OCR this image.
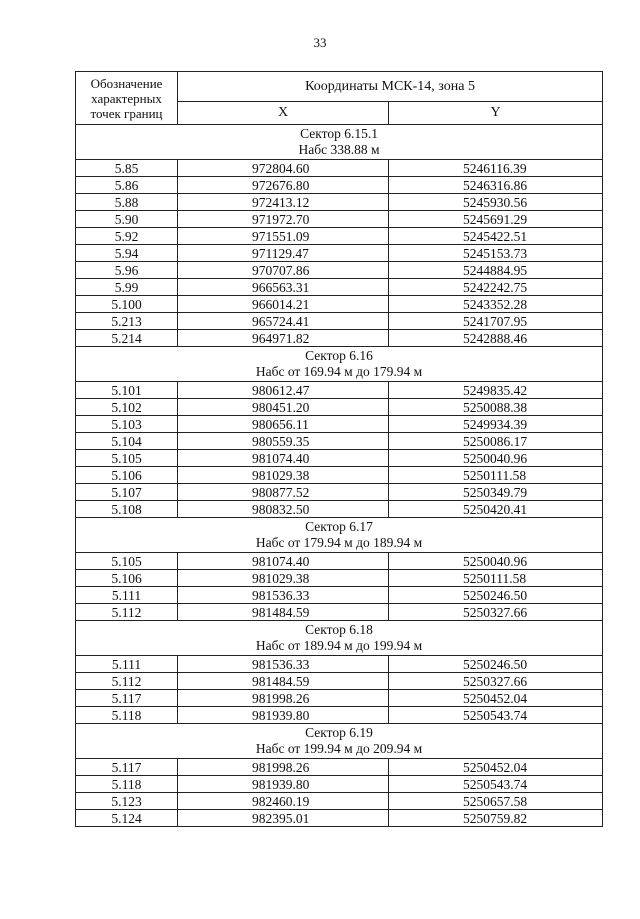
33
Обозначение характерных точек границ	Координаты МСК-14, зона 5	
	X	Y

Сектор 6.15.1
Набс 338.88 м		

5.85	972804.60	5246116.39
5.86	972676.80	5246316.86
5.88	972413.12	5245930.56
5.90	971972.70	5245691.29
5.92	971551.09	5245422.51
5.94	971129.47	5245153.73
5.96	970707.86	5244884.95
5.99	966563.31	5242242.75
5.100	966014.21	5243352.28
5.213	965724.41	5241707.95
5.214	964971.82	5242888.46

Сектор 6.16
Набс от 169.94 м до 179.94 м		

5.101	980612.47	5249835.42
5.102	980451.20	5250088.38
5.103	980656.11	5249934.39
5.104	980559.35	5250086.17
5.105	981074.40	5250040.96
5.106	981029.38	5250111.58
5.107	980877.52	5250349.79
5.108	980832.50	5250420.41

Сектор 6.17
Набс от 179.94 м до 189.94 м		

5.105	981074.40	5250040.96
5.106	981029.38	5250111.58
5.111	981536.33	5250246.50
5.112	981484.59	5250327.66

Сектор 6.18
Набс от 189.94 м до 199.94 м		

5.111	981536.33	5250246.50
5.112	981484.59	5250327.66
5.117	981998.26	5250452.04
5.118	981939.80	5250543.74

Сектор 6.19
Набс от 199.94 м до 209.94 м		

5.117	981998.26	5250452.04
5.118	981939.80	5250543.74
5.123	982460.19	5250657.58
5.124	982395.01	5250759.82
